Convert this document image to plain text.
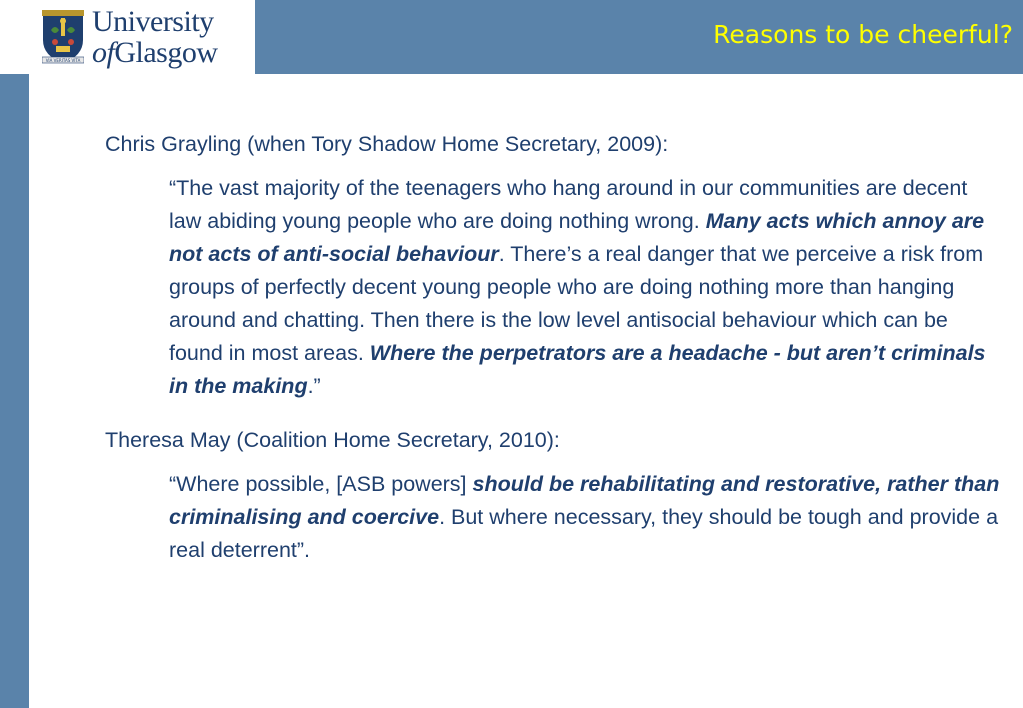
VIA VERITAS VITA
University
ofGlasgow
Reasons to be cheerful?

Chris Grayling (when Tory Shadow Home Secretary, 2009):

“The vast majority of the teenagers who hang around in our communities are decent law abiding young people who are doing nothing wrong. Many acts which annoy are not acts of anti-social behaviour. There’s a real danger that we perceive a risk from groups of perfectly decent young people who are doing nothing more than hanging around and chatting. Then there is the low level antisocial behaviour which can be found in most areas. Where the perpetrators are a headache - but aren’t criminals in the making.”

Theresa May (Coalition Home Secretary, 2010):

“Where possible, [ASB powers] should be rehabilitating and restorative, rather than criminalising and coercive. But where necessary, they should be tough and provide a real deterrent”.
